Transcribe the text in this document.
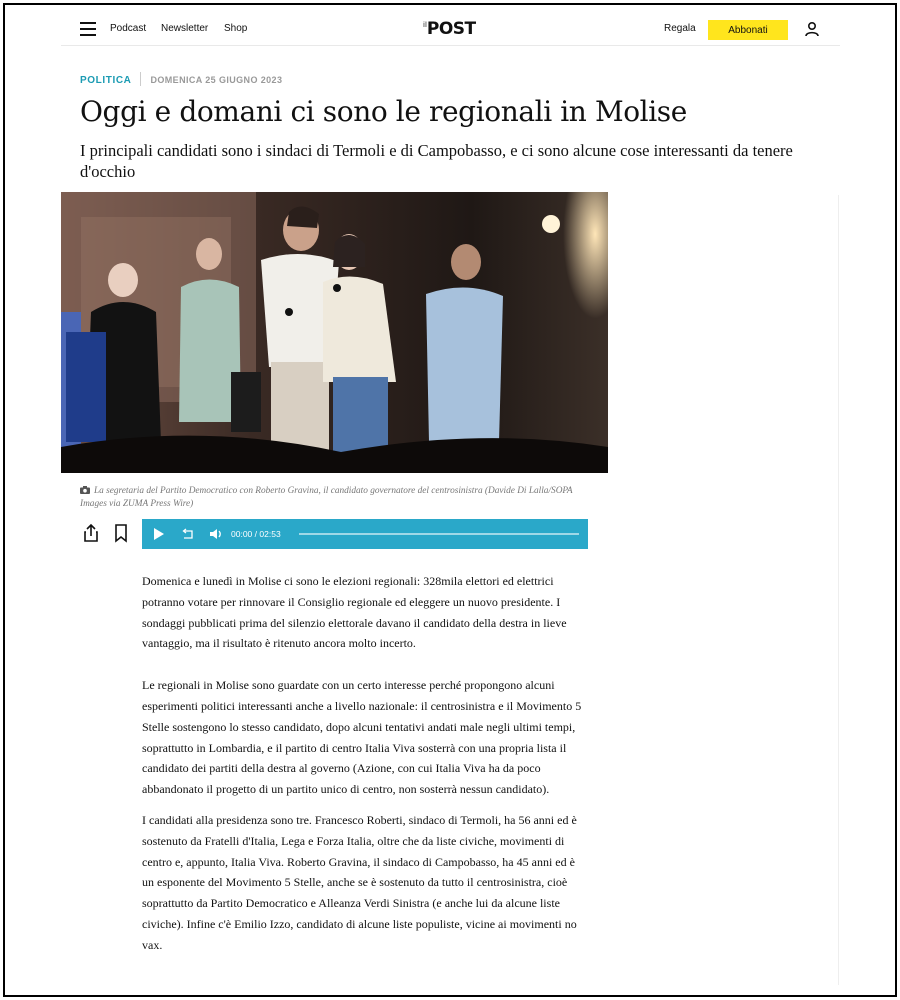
Podcast Newsletter Shop	$^{il}$POST	Regala	Abbonati
POLITICA DOMENICA 25 GIUGNO 2023
Oggi e domani ci sono le regionali in Molise

I principali candidati sono i sindaci di Termoli e di Campobasso, e ci sono alcune cose interessanti da tenere d'occhio

La segretaria del Partito Democratico con Roberto Gravina, il candidato governatore del centrosinistra (Davide Di Lalla/SOPA Images via ZUMA Press Wire)

00:00 / 02:53

Domenica e lunedì in Molise ci sono le elezioni regionali: 328mila elettori ed elettrici potranno votare per rinnovare il Consiglio regionale ed eleggere un nuovo presidente. I sondaggi pubblicati prima del silenzio elettorale davano il candidato della destra in lieve vantaggio, ma il risultato è ritenuto ancora molto incerto.

Le regionali in Molise sono guardate con un certo interesse perché propongono alcuni esperimenti politici interessanti anche a livello nazionale: il centrosinistra e il Movimento 5 Stelle sostengono lo stesso candidato, dopo alcuni tentativi andati male negli ultimi tempi, soprattutto in Lombardia, e il partito di centro Italia Viva sosterrà con una propria lista il candidato dei partiti della destra al governo (Azione, con cui Italia Viva ha da poco abbandonato il progetto di un partito unico di centro, non sosterrà nessun candidato).

I candidati alla presidenza sono tre. Francesco Roberti, sindaco di Termoli, ha 56 anni ed è sostenuto da Fratelli d'Italia, Lega e Forza Italia, oltre che da liste civiche, movimenti di centro e, appunto, Italia Viva. Roberto Gravina, il sindaco di Campobasso, ha 45 anni ed è un esponente del Movimento 5 Stelle, anche se è sostenuto da tutto il centrosinistra, cioè soprattutto da Partito Democratico e Alleanza Verdi Sinistra (e anche lui da alcune liste civiche). Infine c'è Emilio Izzo, candidato di alcune liste populiste, vicine ai movimenti no vax.
